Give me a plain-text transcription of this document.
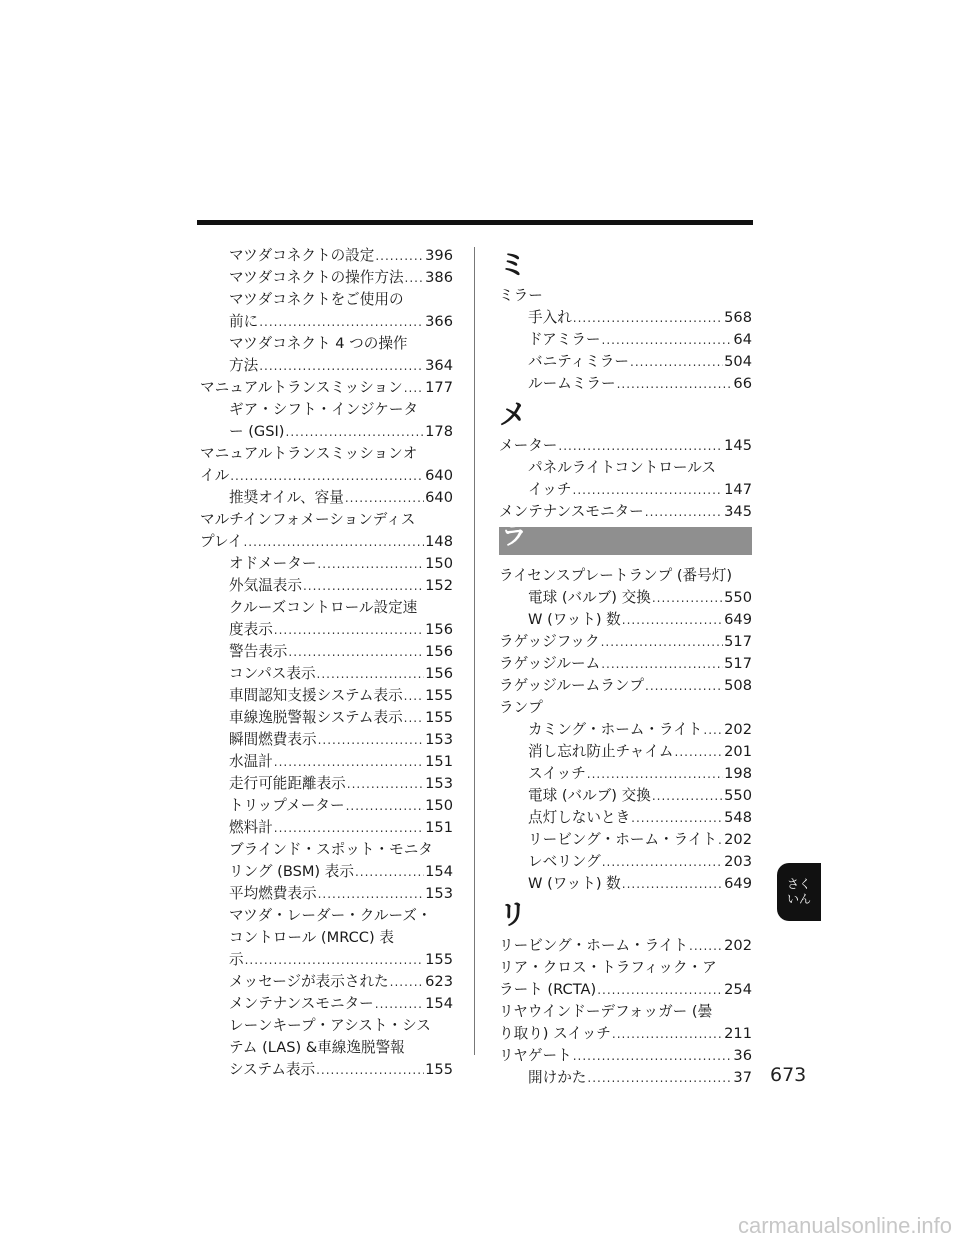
マツダコネクトの設定 .....	396
マツダコネクトの操作方法 ..... 386
マツダコネクトをご使用の
前に .....	366
マツダコネクト 4 つの操作
方法 .....	364
マニュアルトランスミッション ..... 177
ギア・シフト・インジケータ
ー (GSI) .....	178
マニュアルトランスミッションオ
イル .....	640
推奨オイル、容量 .....	640
マルチインフォメーションディス
プレイ .....	148
オドメーター .....	150
外気温表示 .....	152
クルーズコントロール設定速
度表示 .....	156
警告表示 .....	156
コンパス表示 .....	156
車間認知支援システム表示 ..... 155
車線逸脱警報システム表示 ..... 155
瞬間燃費表示 .....	153
水温計 .....	151
走行可能距離表示 .....	153
トリップメーター .....	150
燃料計 .....	151
ブラインド・スポット・モニタ
リング (BSM) 表示 .....	154
平均燃費表示 .....	153
マツダ・レーダー・クルーズ・
コントロール (MRCC) 表
示 .....	155
メッセージが表示された ..... 623
メンテナンスモニター .....	154
レーンキープ・アシスト・シス
テム (LAS) &車線逸脱警報
システム表示 .....	155
ミ
ミラー
手入れ .....	568
ドアミラー .....	64
バニティミラー .....	504
ルームミラー .....	66
メ
メーター .....	145
パネルライトコントロールス
イッチ .....	147
メンテナンスモニター .....	345
ラ
ライセンスプレートランプ (番号灯)
電球 (バルブ) 交換 .....	550
W (ワット) 数 .....	649
ラゲッジフック .....	517
ラゲッジルーム .....	517
ラゲッジルームランプ .....	508
ランプ
カミング・ホーム・ライト ..... 202
消し忘れ防止チャイム .....	201
スイッチ .....	198
電球 (バルブ) 交換 .....	550
点灯しないとき .....	548
リービング・ホーム・ライト ..... 202
レベリング .....	203
W (ワット) 数 .....	649
リ
リービング・ホーム・ライト ..... 202
リア・クロス・トラフィック・ア
ラート (RCTA) .....	254
リヤウインドーデフォッガー (曇
り取り) スイッチ .....	211
リヤゲート .....	36
開けかた .....	37
さく
いん
673
carmanualsonline.info
